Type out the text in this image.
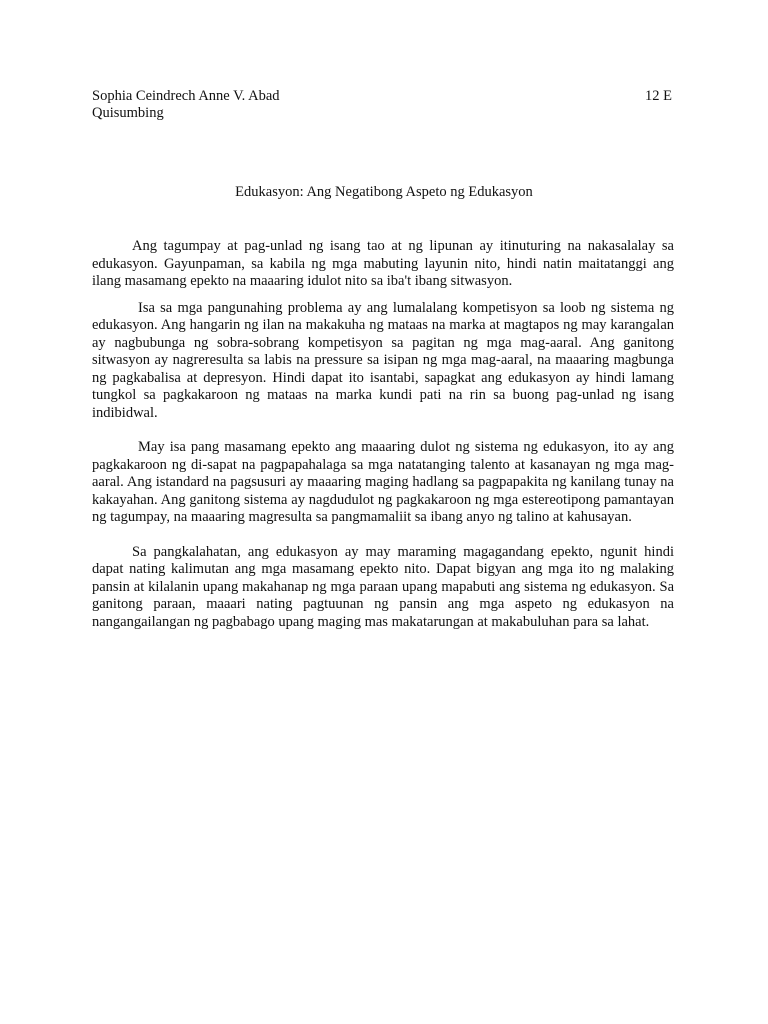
Sophia Ceindrech Anne V. Abad	12 E
Quisumbing
Edukasyon: Ang Negatibong Aspeto ng Edukasyon

Ang tagumpay at pag-unlad ng isang tao at ng lipunan ay itinuturing na nakasalalay sa edukasyon. Gayunpaman, sa kabila ng mga mabuting layunin nito, hindi natin maitatanggi ang ilang masamang epekto na maaaring idulot nito sa iba't ibang sitwasyon.

Isa sa mga pangunahing problema ay ang lumalalang kompetisyon sa loob ng sistema ng edukasyon. Ang hangarin ng ilan na makakuha ng mataas na marka at magtapos ng may karangalan ay nagbubunga ng sobra-sobrang kompetisyon sa pagitan ng mga mag-aaral. Ang ganitong sitwasyon ay nagreresulta sa labis na pressure sa isipan ng mga mag-aaral, na maaaring magbunga ng pagkabalisa at depresyon. Hindi dapat ito isantabi, sapagkat ang edukasyon ay hindi lamang tungkol sa pagkakaroon ng mataas na marka kundi pati na rin sa buong pag-unlad ng isang indibidwal.

May isa pang masamang epekto ang maaaring dulot ng sistema ng edukasyon, ito ay ang pagkakaroon ng di-sapat na pagpapahalaga sa mga natatanging talento at kasanayan ng mga mag-aaral. Ang istandard na pagsusuri ay maaaring maging hadlang sa pagpapakita ng kanilang tunay na kakayahan. Ang ganitong sistema ay nagdudulot ng pagkakaroon ng mga estereotipong pamantayan ng tagumpay, na maaaring magresulta sa pangmamaliit sa ibang anyo ng talino at kahusayan.

Sa pangkalahatan, ang edukasyon ay may maraming magagandang epekto, ngunit hindi dapat nating kalimutan ang mga masamang epekto nito. Dapat bigyan ang mga ito ng malaking pansin at kilalanin upang makahanap ng mga paraan upang mapabuti ang sistema ng edukasyon. Sa ganitong paraan, maaari nating pagtuunan ng pansin ang mga aspeto ng edukasyon na nangangailangan ng pagbabago upang maging mas makatarungan at makabuluhan para sa lahat.
